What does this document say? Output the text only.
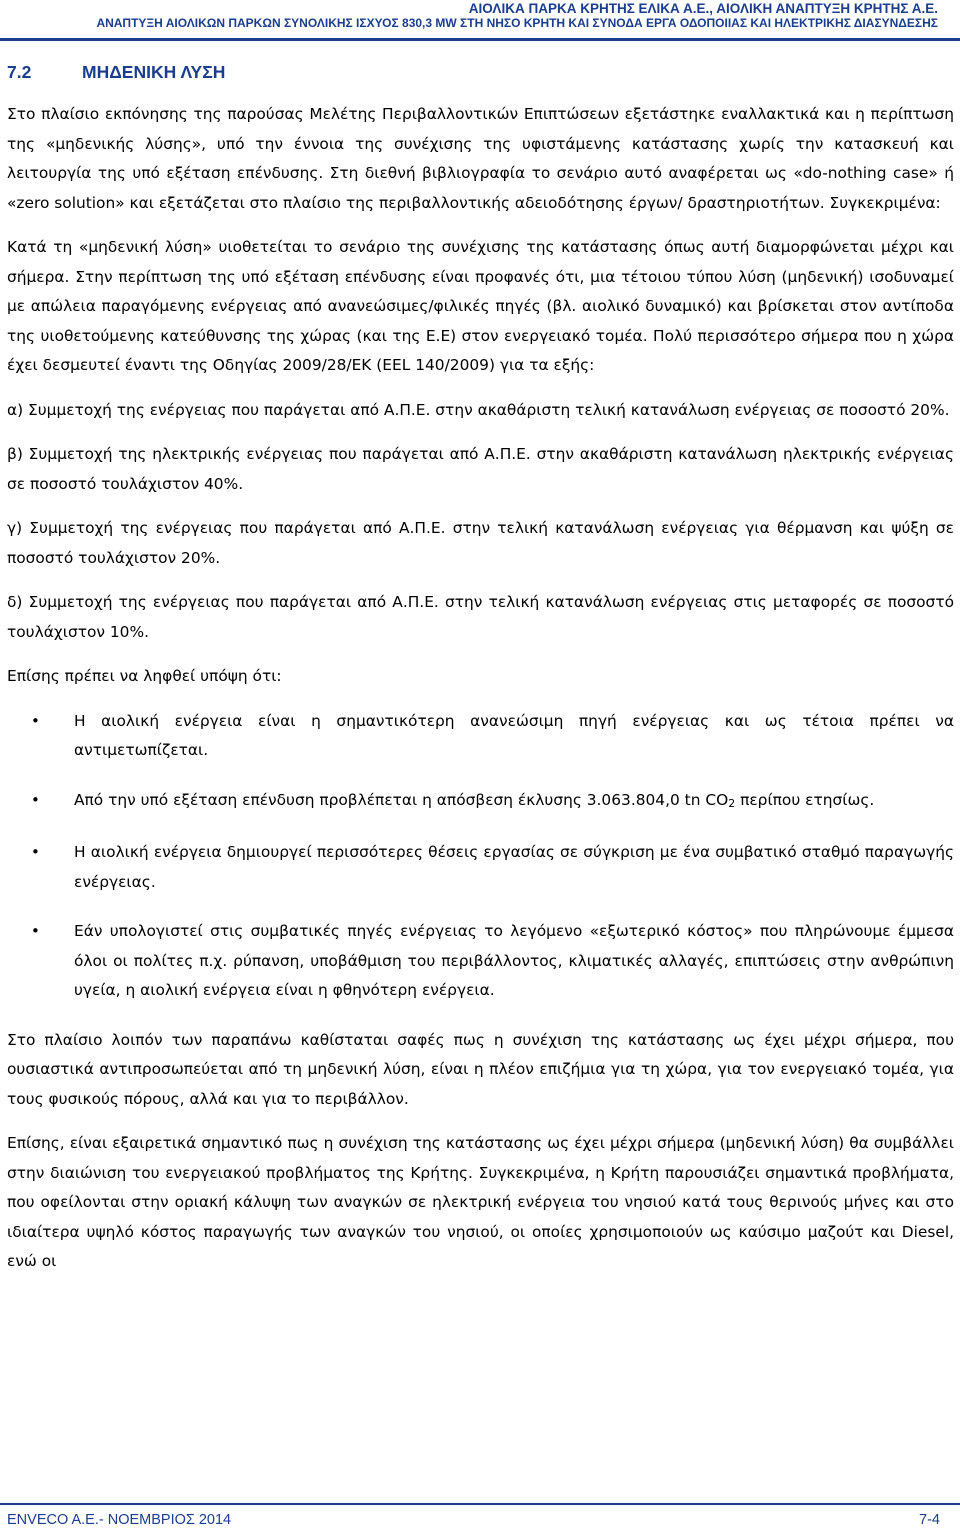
ΑΙΟΛΙΚΑ ΠΑΡΚΑ ΚΡΗΤΗΣ ΕΛΙΚΑ Α.Ε., ΑΙΟΛΙΚΗ ΑΝΑΠΤΥΞΗ ΚΡΗΤΗΣ Α.Ε.
ΑΝΑΠΤΥΞΗ ΑΙΟΛΙΚΩΝ ΠΑΡΚΩΝ ΣΥΝΟΛΙΚΗΣ ΙΣΧΥΟΣ 830,3 MW ΣΤΗ ΝΗΣΟ ΚΡΗΤΗ ΚΑΙ ΣΥΝΟΔΑ ΕΡΓΑ ΟΔΟΠΟΙΙΑΣ ΚΑΙ ΗΛΕΚΤΡΙΚΗΣ ΔΙΑΣΥΝΔΕΣΗΣ
7.2	ΜΗΔΕΝΙΚΗ ΛΥΣΗ

Στο πλαίσιο εκπόνησης της παρούσας Μελέτης Περιβαλλοντικών Επιπτώσεων εξετάστηκε εναλλακτικά και η περίπτωση της «μηδενικής λύσης», υπό την έννοια της συνέχισης της υφιστάμενης κατάστασης χωρίς την κατασκευή και λειτουργία της υπό εξέταση επένδυσης. Στη διεθνή βιβλιογραφία το σενάριο αυτό αναφέρεται ως «do-nothing case» ή «zero solution» και εξετάζεται στο πλαίσιο της περιβαλλοντικής αδειοδότησης έργων/ δραστηριοτήτων. Συγκεκριμένα:

Κατά τη «μηδενική λύση» υιοθετείται το σενάριο της συνέχισης της κατάστασης όπως αυτή διαμορφώνεται μέχρι και σήμερα. Στην περίπτωση της υπό εξέταση επένδυσης είναι προφανές ότι, μια τέτοιου τύπου λύση (μηδενική) ισοδυναμεί με απώλεια παραγόμενης ενέργειας από ανανεώσιμες/φιλικές πηγές (βλ. αιολικό δυναμικό) και βρίσκεται στον αντίποδα της υιοθετούμενης κατεύθυνσης της χώρας (και της Ε.Ε) στον ενεργειακό τομέα. Πολύ περισσότερο σήμερα που η χώρα έχει δεσμευτεί έναντι της Οδηγίας 2009/28/ΕΚ (EEL 140/2009) για τα εξής:

α) Συμμετοχή της ενέργειας που παράγεται από Α.Π.Ε. στην ακαθάριστη τελική κατανάλωση ενέργειας σε ποσοστό 20%.

β) Συμμετοχή της ηλεκτρικής ενέργειας που παράγεται από Α.Π.Ε. στην ακαθάριστη κατανάλωση ηλεκτρικής ενέργειας σε ποσοστό τουλάχιστον 40%.

γ) Συμμετοχή της ενέργειας που παράγεται από Α.Π.Ε. στην τελική κατανάλωση ενέργειας για θέρμανση και ψύξη σε ποσοστό τουλάχιστον 20%.

δ) Συμμετοχή της ενέργειας που παράγεται από Α.Π.Ε. στην τελική κατανάλωση ενέργειας στις μεταφορές σε ποσοστό τουλάχιστον 10%.

Επίσης πρέπει να ληφθεί υπόψη ότι:

• Η αιολική ενέργεια είναι η σημαντικότερη ανανεώσιμη πηγή ενέργειας και ως τέτοια πρέπει να αντιμετωπίζεται.

• Από την υπό εξέταση επένδυση προβλέπεται η απόσβεση έκλυσης 3.063.804,0 tn CO2 περίπου ετησίως.

• Η αιολική ενέργεια δημιουργεί περισσότερες θέσεις εργασίας σε σύγκριση με ένα συμβατικό σταθμό παραγωγής ενέργειας.

• Εάν υπολογιστεί στις συμβατικές πηγές ενέργειας το λεγόμενο «εξωτερικό κόστος» που πληρώνουμε έμμεσα όλοι οι πολίτες π.χ. ρύπανση, υποβάθμιση του περιβάλλοντος, κλιματικές αλλαγές, επιπτώσεις στην ανθρώπινη υγεία, η αιολική ενέργεια είναι η φθηνότερη ενέργεια.

Στο πλαίσιο λοιπόν των παραπάνω καθίσταται σαφές πως η συνέχιση της κατάστασης ως έχει μέχρι σήμερα, που ουσιαστικά αντιπροσωπεύεται από τη μηδενική λύση, είναι η πλέον επιζήμια για τη χώρα, για τον ενεργειακό τομέα, για τους φυσικούς πόρους, αλλά και για το περιβάλλον.

Επίσης, είναι εξαιρετικά σημαντικό πως η συνέχιση της κατάστασης ως έχει μέχρι σήμερα (μηδενική λύση) θα συμβάλλει στην διαιώνιση του ενεργειακού προβλήματος της Κρήτης. Συγκεκριμένα, η Κρήτη παρουσιάζει σημαντικά προβλήματα, που οφείλονται στην οριακή κάλυψη των αναγκών σε ηλεκτρική ενέργεια του νησιού κατά τους θερινούς μήνες και στο ιδιαίτερα υψηλό κόστος παραγωγής των αναγκών του νησιού, οι οποίες χρησιμοποιούν ως καύσιμο μαζούτ και Diesel, ενώ οι

ENVECO A.E.- ΝΟΕΜΒΡΙΟΣ 2014	7-4
